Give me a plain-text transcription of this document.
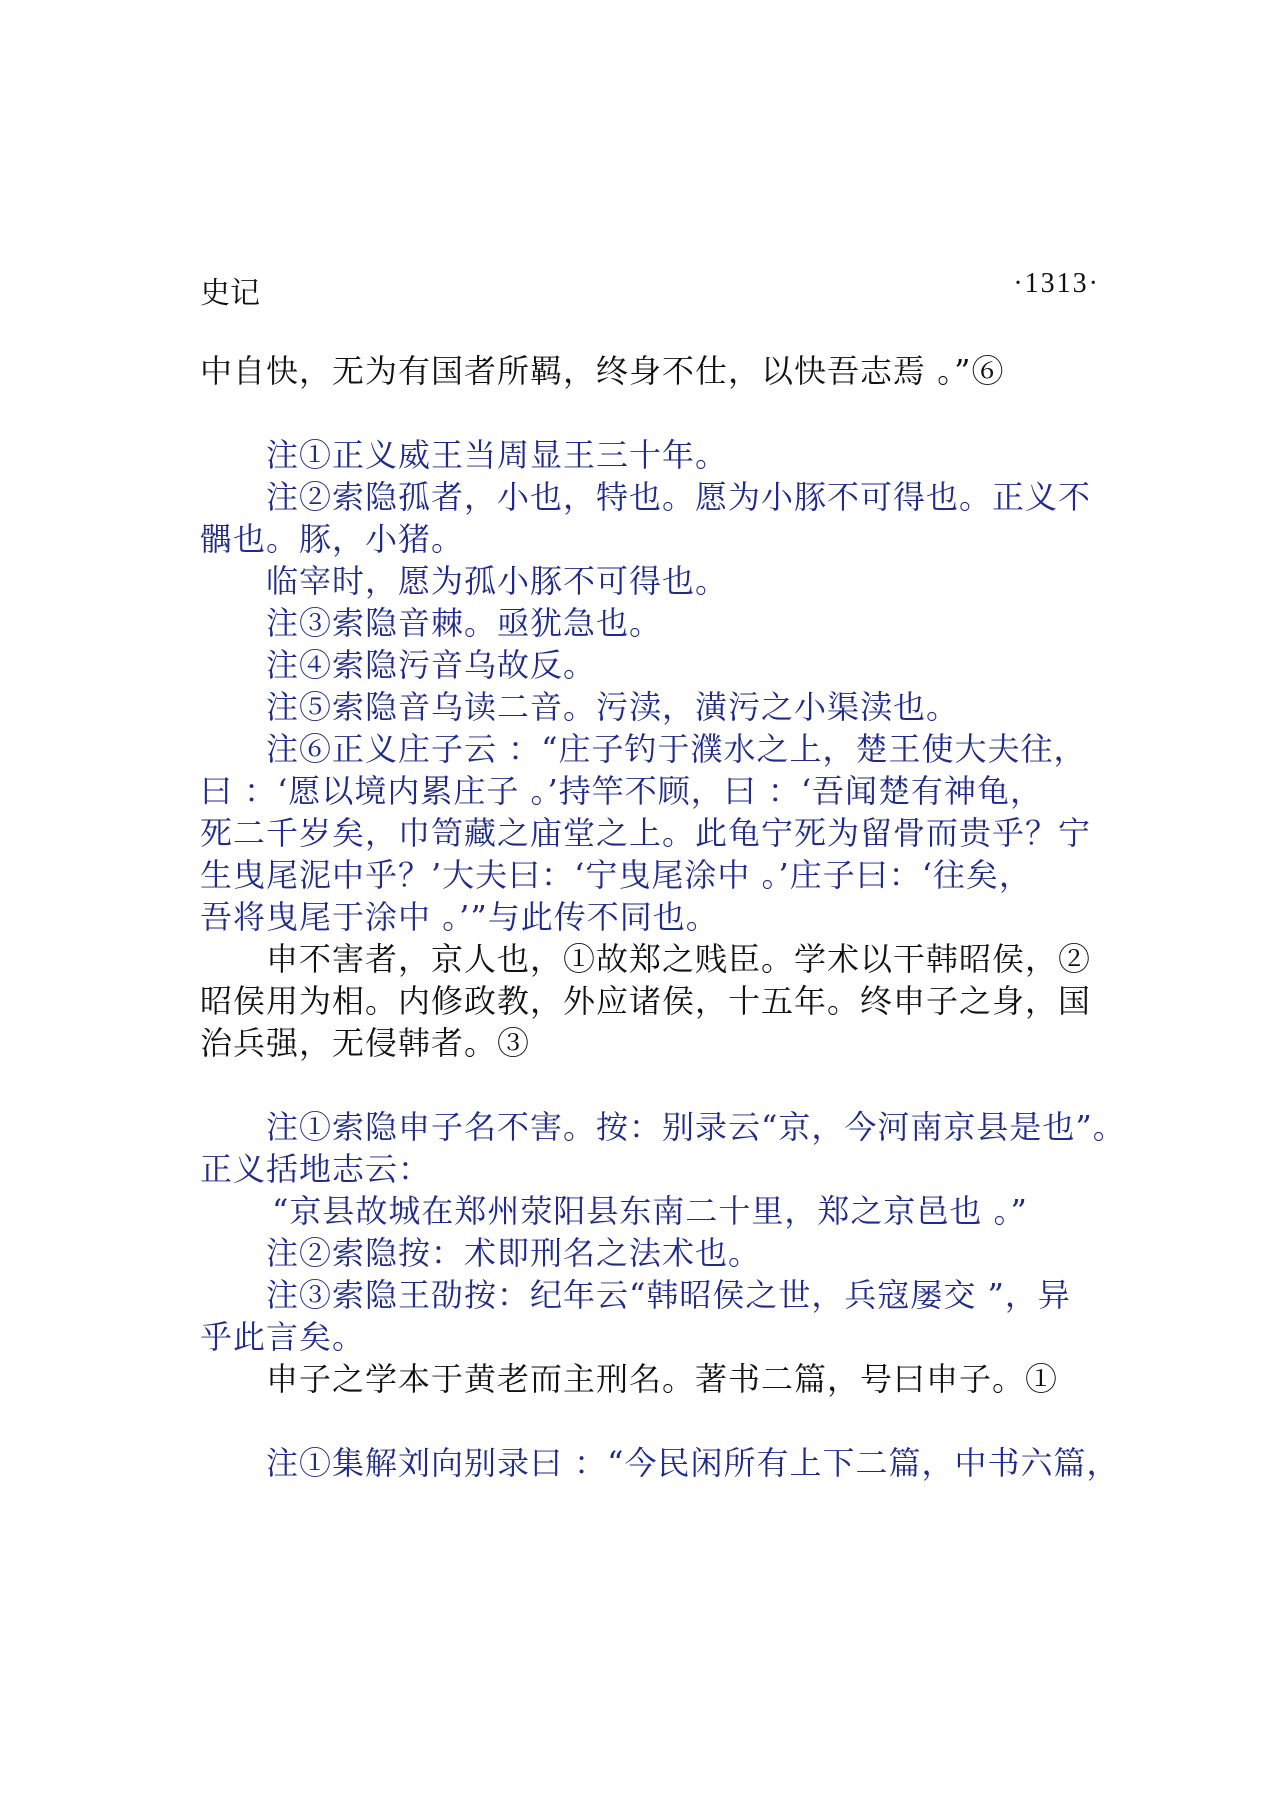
史记	·1313·
中自快，无为有国者所羁，终身不仕，以快吾志焉 。”⑥
注①正义威王当周显王三十年。
注②索隐孤者，小也，特也。愿为小豚不可得也。正义不
髃也。豚，小猪。
临宰时，愿为孤小豚不可得也。
注③索隐音棘。亟犹急也。
注④索隐污音乌故反。
注⑤索隐音乌读二音。污渎，潢污之小渠渎也。
注⑥正义庄子云 ：“庄子钓于濮水之上，楚王使大夫往，
曰 ：‘愿以境内累庄子 。’持竿不顾，曰 ：‘吾闻楚有神龟，
死二千岁矣，巾笥藏之庙堂之上。此龟宁死为留骨而贵乎？宁
生曳尾泥中乎？’大夫曰：‘宁曳尾涂中 。’庄子曰：‘往矣，
吾将曳尾于涂中 。’”与此传不同也。
申不害者，京人也，①故郑之贱臣。学术以干韩昭侯，②
昭侯用为相。内修政教，外应诸侯，十五年。终申子之身，国
治兵强，无侵韩者。③
注①索隐申子名不害。按：别录云“京，今河南京县是也”。
正义括地志云：
“京县故城在郑州荥阳县东南二十里，郑之京邑也 。”
注②索隐按：术即刑名之法术也。
注③索隐王劭按：纪年云“韩昭侯之世，兵寇屡交 ”，异
乎此言矣。
申子之学本于黄老而主刑名。著书二篇，号曰申子。①
注①集解刘向别录曰 ：“今民闲所有上下二篇，中书六篇，
